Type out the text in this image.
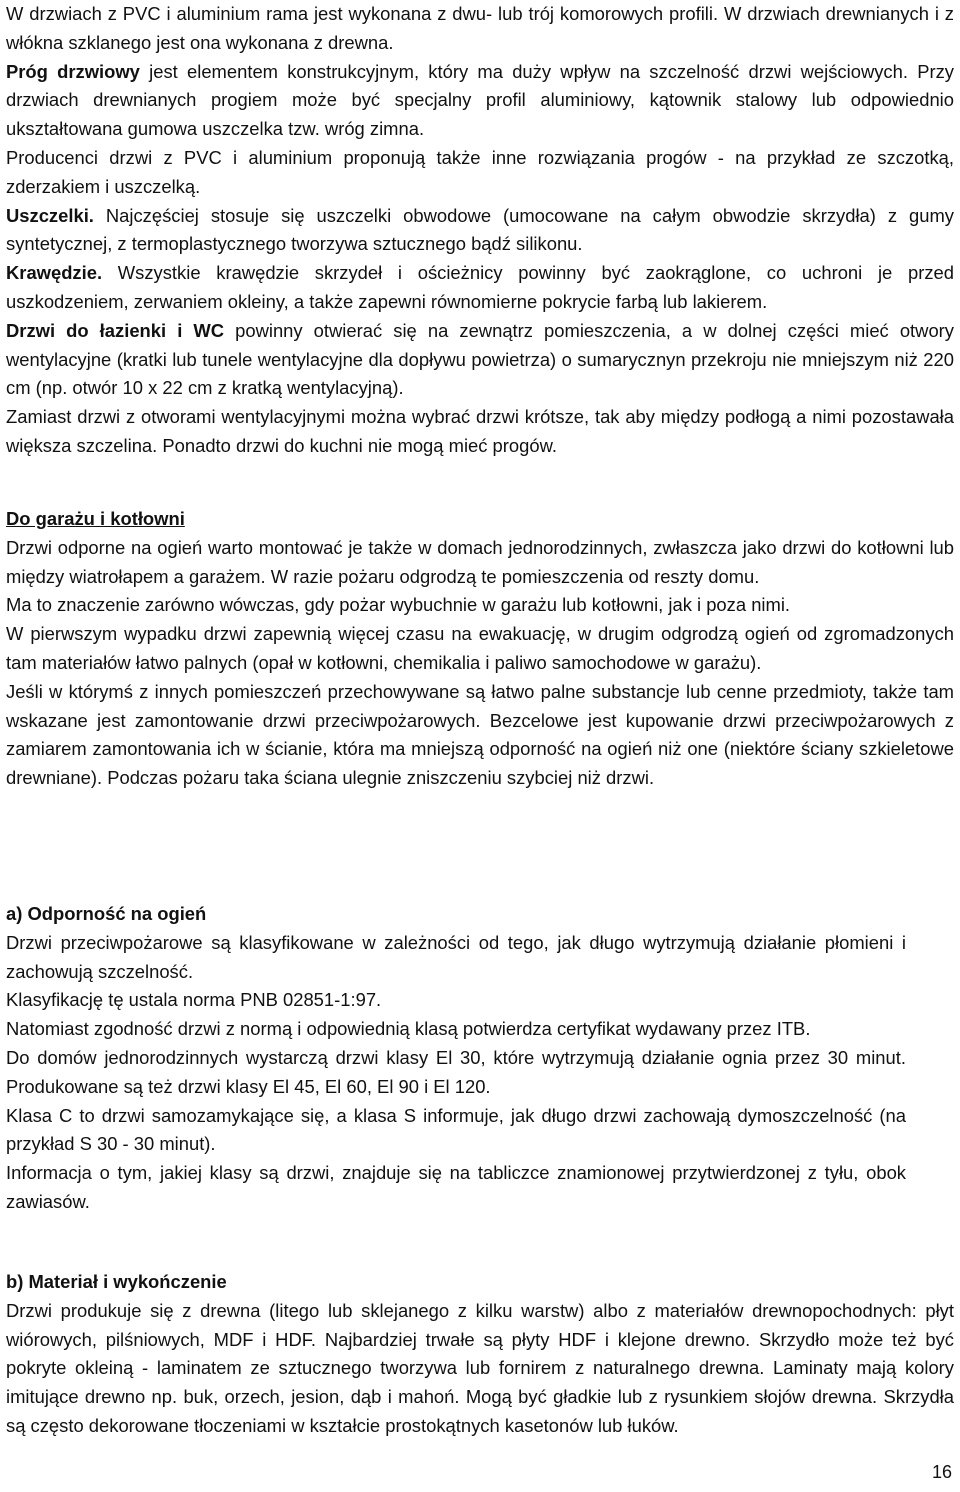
W drzwiach z PVC i aluminium rama jest wykonana z dwu- lub trój komorowych profili. W drzwiach drewnianych i z włókna szklanego jest ona wykonana z drewna.

Próg drzwiowy jest elementem konstrukcyjnym, który ma duży wpływ na szczelność drzwi wejściowych. Przy drzwiach drewnianych progiem może być specjalny profil aluminiowy, kątownik stalowy lub odpowiednio ukształtowana gumowa uszczelka tzw. wróg zimna.

Producenci drzwi z PVC i aluminium proponują także inne rozwiązania progów - na przykład ze szczotką, zderzakiem i uszczelką.

Uszczelki. Najczęściej stosuje się uszczelki obwodowe (umocowane na całym obwodzie skrzydła) z gumy syntetycznej, z termoplastycznego tworzywa sztucznego bądź silikonu.

Krawędzie. Wszystkie krawędzie skrzydeł i ościeżnicy powinny być zaokrąglone, co uchroni je przed uszkodzeniem, zerwaniem okleiny, a także zapewni równomierne pokrycie farbą lub lakierem.

Drzwi do łazienki i WC powinny otwierać się na zewnątrz pomieszczenia, a w dolnej części mieć otwory wentylacyjne (kratki lub tunele wentylacyjne dla dopływu powietrza) o sumarycznyn przekroju nie mniejszym niż 220 cm (np. otwór 10 x 22 cm z kratką wentylacyjną).

Zamiast drzwi z otworami wentylacyjnymi można wybrać drzwi krótsze, tak aby między podłogą a nimi pozostawała większa szczelina. Ponadto drzwi do kuchni nie mogą mieć progów.

Do garażu i kotłowni

Drzwi odporne na ogień warto montować je także w domach jednorodzinnych, zwłaszcza jako drzwi do kotłowni lub między wiatrołapem a garażem. W razie pożaru odgrodzą te pomieszczenia od reszty domu.

Ma to znaczenie zarówno wówczas, gdy pożar wybuchnie w garażu lub kotłowni, jak i poza nimi.

W pierwszym wypadku drzwi zapewnią więcej czasu na ewakuację, w drugim odgrodzą ogień od zgromadzonych tam materiałów łatwo palnych (opał w kotłowni, chemikalia i paliwo samochodowe w garażu).

Jeśli w którymś z innych pomieszczeń przechowywane są łatwo palne substancje lub cenne przedmioty, także tam wskazane jest zamontowanie drzwi przeciwpożarowych. Bezcelowe jest kupowanie drzwi przeciwpożarowych z zamiarem zamontowania ich w ścianie, która ma mniejszą odporność na ogień niż one (niektóre ściany szkieletowe drewniane). Podczas pożaru taka ściana ulegnie zniszczeniu szybciej niż drzwi.

a) Odporność na ogień

Drzwi przeciwpożarowe są klasyfikowane w zależności od tego, jak długo wytrzymują działanie płomieni i zachowują szczelność.

Klasyfikację tę ustala norma PNB 02851-1:97.

Natomiast zgodność drzwi z normą i odpowiednią klasą potwierdza certyfikat wydawany przez ITB.

Do domów jednorodzinnych wystarczą drzwi klasy El 30, które wytrzymują działanie ognia przez 30 minut. Produkowane są też drzwi klasy El 45, El 60, El 90 i El 120.

Klasa C to drzwi samozamykające się, a klasa S informuje, jak długo drzwi zachowają dymoszczelność (na przykład S 30 - 30 minut).

Informacja o tym, jakiej klasy są drzwi, znajduje się na tabliczce znamionowej przytwierdzonej z tyłu, obok zawiasów.

b) Materiał i wykończenie

Drzwi produkuje się z drewna (litego lub sklejanego z kilku warstw) albo z materiałów drewnopochodnych: płyt wiórowych, pilśniowych, MDF i HDF. Najbardziej trwałe są płyty HDF i klejone drewno. Skrzydło może też być pokryte okleiną - laminatem ze sztucznego tworzywa lub fornirem z naturalnego drewna. Laminaty mają kolory imitujące drewno np. buk, orzech, jesion, dąb i mahoń. Mogą być gładkie lub z rysunkiem słojów drewna. Skrzydła są często dekorowane tłoczeniami w kształcie prostokątnych kasetonów lub łuków.

16
